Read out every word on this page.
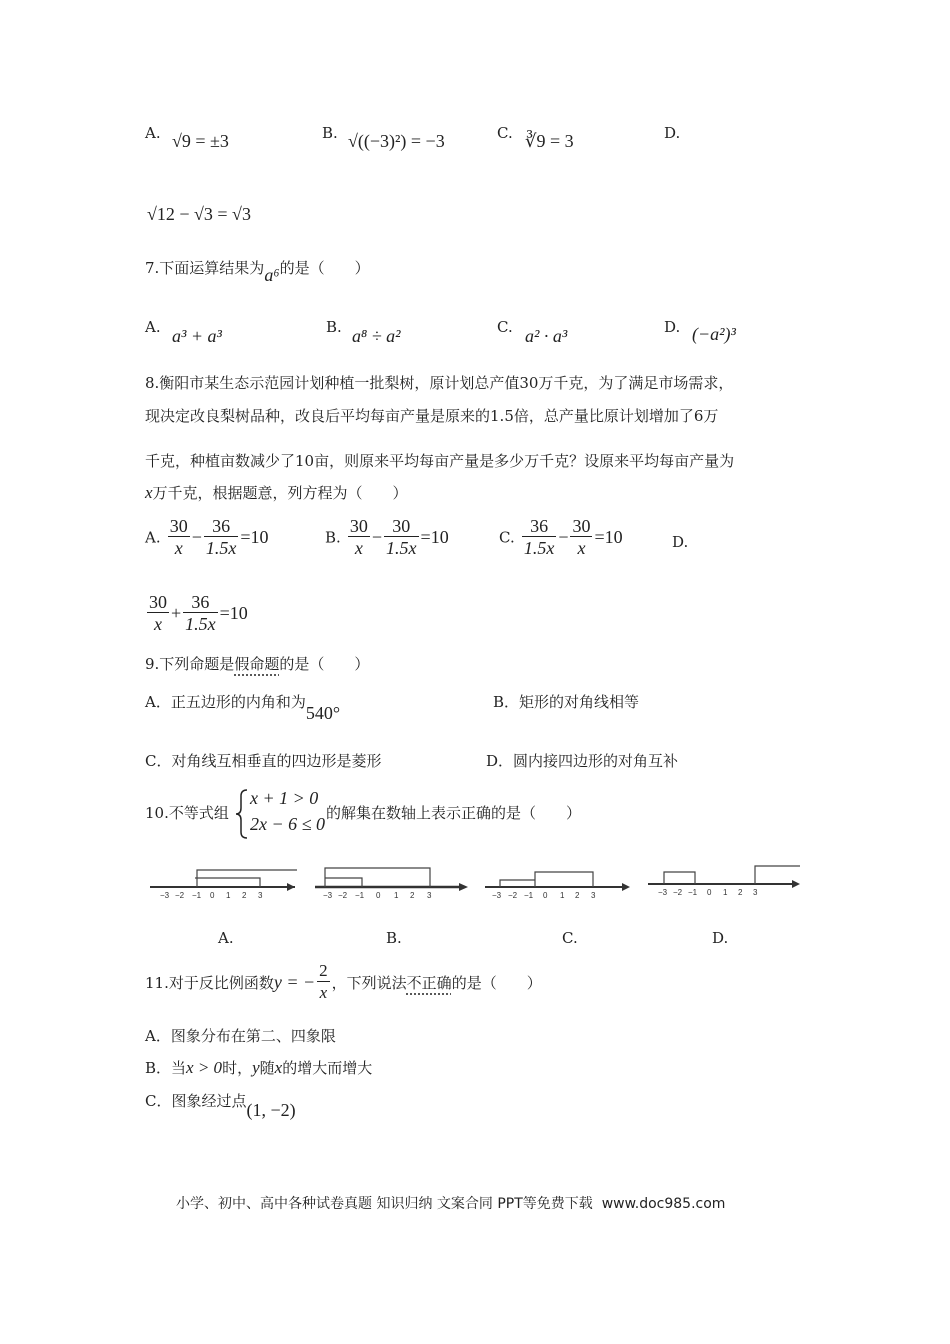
A. √9 = ±3	B. √((−3)²) = −3	C. ∛9 = 3	D.
√12 − √3 = √3
7.下面运算结果为a⁶的是（　　）
A. a³ + a³	B. a⁸ ÷ a²	C. a² · a³	D. (−a²)³
8.衡阳市某生态示范园计划种植一批梨树，原计划总产值30万千克，为了满足市场需求，
现决定改良梨树品种，改良后平均每亩产量是原来的1.5倍，总产量比原计划增加了6万
千克，种植亩数减少了10亩，则原来平均每亩产量是多少万千克？设原来平均每亩产量为
x万千克，根据题意，列方程为（　　）
A. $\frac{30}{x} - \frac{36}{1.5x} =10$	B. $\frac{30}{x} - \frac{30}{1.5x} =10$	C. $\frac{36}{1.5x} - \frac{30}{x} =10$	D.
$\frac{30}{x} + \frac{36}{1.5x} =10$
9.下列命题是假命题的是（　　）
A．正五边形的内角和为540°
B．矩形的对角线相等
C．对角线互相垂直的四边形是菱形	D．圆内接四边形的对角互补
10.不等式组
x + 1 > 0
2x − 6 ≤ 0
的解集在数轴上表示正确的是（　　）
−3 −2 −1 0 1 2 3	−3 −2 −1 0 1 2 3	−3 −2 −1 0 1 2 3	−3 −2 −1 0 1 2 3
A.	B.	C.	D.
11.对于反比例函数 y = − $\frac{2}{x}$ ，下列说法 不正确 的是（　　）
A．图象分布在第二、四象限
B．当x > 0时，y随x的增大而增大
C．图象经过点(1, −2)
小学、初中、高中各种试卷真题 知识归纳 文案合同 PPT等免费下载 www.doc985.com
